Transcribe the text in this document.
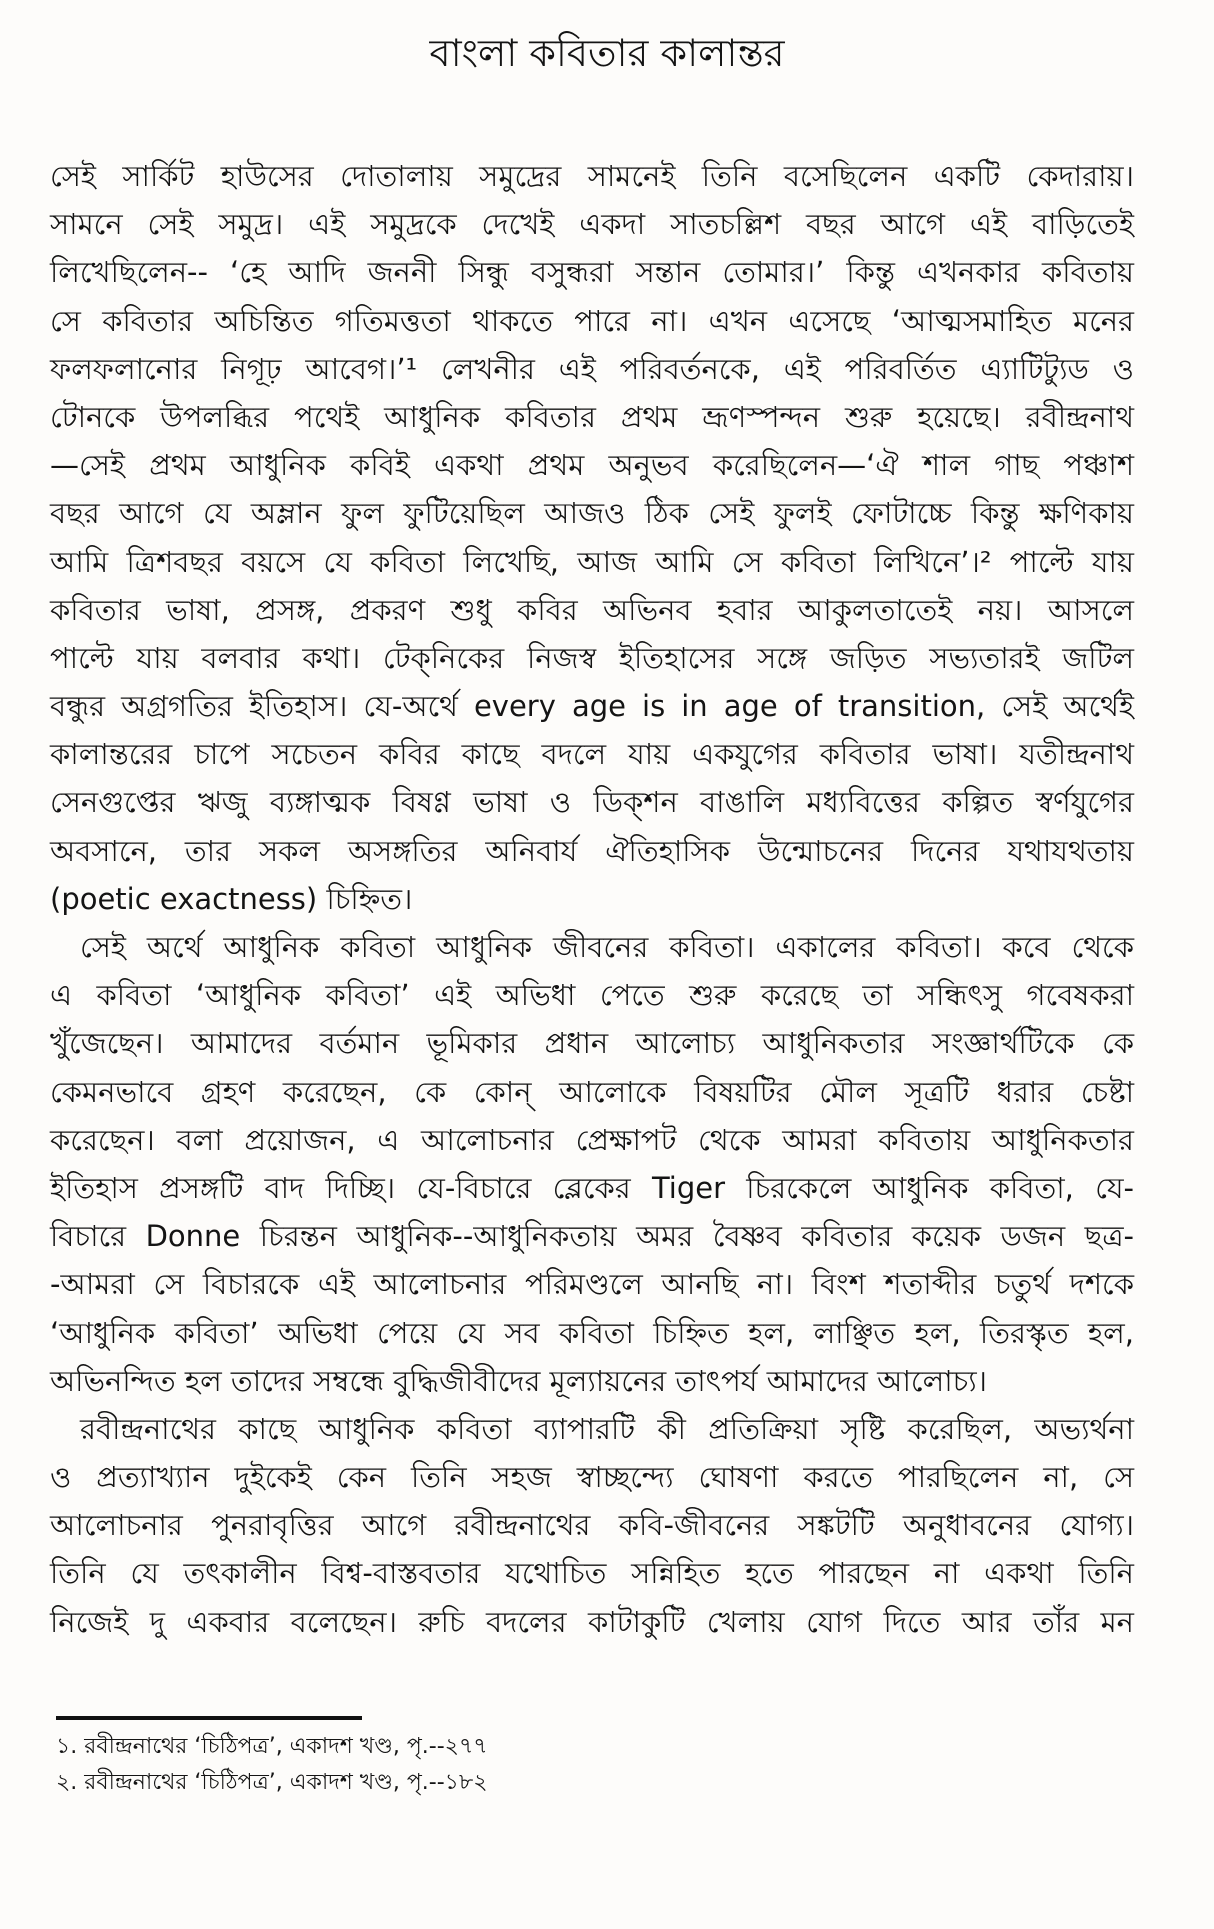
বাংলা কবিতার কালান্তর
সেই সার্কিট হাউসের দোতালায় সমুদ্রের সামনেই তিনি বসেছিলেন একটি কেদারায়।
সামনে সেই সমুদ্র। এই সমুদ্রকে দেখেই একদা সাতচল্লিশ বছর আগে এই বাড়িতেই
লিখেছিলেন-- ‘হে আদি জননী সিন্ধু বসুন্ধরা সন্তান তোমার।’ কিন্তু এখনকার কবিতায়
সে কবিতার অচিন্তিত গতিমত্ততা থাকতে পারে না। এখন এসেছে ‘আত্মসমাহিত মনের
ফলফলানোর নিগূঢ় আবেগ।’¹ লেখনীর এই পরিবর্তনকে, এই পরিবর্তিত এ্যাটিট্যুড ও
টোনকে উপলব্ধির পথেই আধুনিক কবিতার প্রথম ভ্রূণস্পন্দন শুরু হয়েছে। রবীন্দ্রনাথ
—সেই প্রথম আধুনিক কবিই একথা প্রথম অনুভব করেছিলেন—‘ঐ শাল গাছ পঞ্চাশ
বছর আগে যে অম্লান ফুল ফুটিয়েছিল আজও ঠিক সেই ফুলই ফোটাচ্চে কিন্তু ক্ষণিকায়
আমি ত্রিশবছর বয়সে যে কবিতা লিখেছি, আজ আমি সে কবিতা লিখিনে’।² পাল্টে যায়
কবিতার ভাষা, প্রসঙ্গ, প্রকরণ শুধু কবির অভিনব হবার আকুলতাতেই নয়। আসলে
পাল্টে যায় বলবার কথা। টেক্‌নিকের নিজস্ব ইতিহাসের সঙ্গে জড়িত সভ্যতারই জটিল
বন্ধুর অগ্রগতির ইতিহাস। যে-অর্থে every age is in age of transition, সেই অর্থেই
কালান্তরের চাপে সচেতন কবির কাছে বদলে যায় একযুগের কবিতার ভাষা। যতীন্দ্রনাথ
সেনগুপ্তের ঋজু ব্যঙ্গাত্মক বিষণ্ণ ভাষা ও ডিক্‌শন বাঙালি মধ্যবিত্তের কল্পিত স্বর্ণযুগের
অবসানে, তার সকল অসঙ্গতির অনিবার্য ঐতিহাসিক উন্মোচনের দিনের যথাযথতায়
(poetic exactness) চিহ্নিত।
সেই অর্থে আধুনিক কবিতা আধুনিক জীবনের কবিতা। একালের কবিতা। কবে থেকে
এ কবিতা ‘আধুনিক কবিতা’ এই অভিধা পেতে শুরু করেছে তা সন্ধিৎসু গবেষকরা
খুঁজেছেন। আমাদের বর্তমান ভূমিকার প্রধান আলোচ্য আধুনিকতার সংজ্ঞার্থটিকে কে
কেমনভাবে গ্রহণ করেছেন, কে কোন্ আলোকে বিষয়টির মৌল সূত্রটি ধরার চেষ্টা
করেছেন। বলা প্রয়োজন, এ আলোচনার প্রেক্ষাপট থেকে আমরা কবিতায় আধুনিকতার
ইতিহাস প্রসঙ্গটি বাদ দিচ্ছি। যে-বিচারে ব্লেকের Tiger চিরকেলে আধুনিক কবিতা, যে-
বিচারে Donne চিরন্তন আধুনিক--আধুনিকতায় অমর বৈষ্ণব কবিতার কয়েক ডজন ছত্র-
-আমরা সে বিচারকে এই আলোচনার পরিমণ্ডলে আনছি না। বিংশ শতাব্দীর চতুর্থ দশকে
‘আধুনিক কবিতা’ অভিধা পেয়ে যে সব কবিতা চিহ্নিত হল, লাঞ্ছিত হল, তিরস্কৃত হল,
অভিনন্দিত হল তাদের সম্বন্ধে বুদ্ধিজীবীদের মূল্যায়নের তাৎপর্য আমাদের আলোচ্য।
রবীন্দ্রনাথের কাছে আধুনিক কবিতা ব্যাপারটি কী প্রতিক্রিয়া সৃষ্টি করেছিল, অভ্যর্থনা
ও প্রত্যাখ্যান দুইকেই কেন তিনি সহজ স্বাচ্ছন্দ্যে ঘোষণা করতে পারছিলেন না, সে
আলোচনার পুনরাবৃত্তির আগে রবীন্দ্রনাথের কবি-জীবনের সঙ্কটটি অনুধাবনের যোগ্য।
তিনি যে তৎকালীন বিশ্ব-বাস্তবতার যথোচিত সন্নিহিত হতে পারছেন না একথা তিনি
নিজেই দু একবার বলেছেন। রুচি বদলের কাটাকুটি খেলায় যোগ দিতে আর তাঁর মন
১. রবীন্দ্রনাথের ‘চিঠিপত্র’, একাদশ খণ্ড, পৃ.--২৭৭
২. রবীন্দ্রনাথের ‘চিঠিপত্র’, একাদশ খণ্ড, পৃ.--১৮২
